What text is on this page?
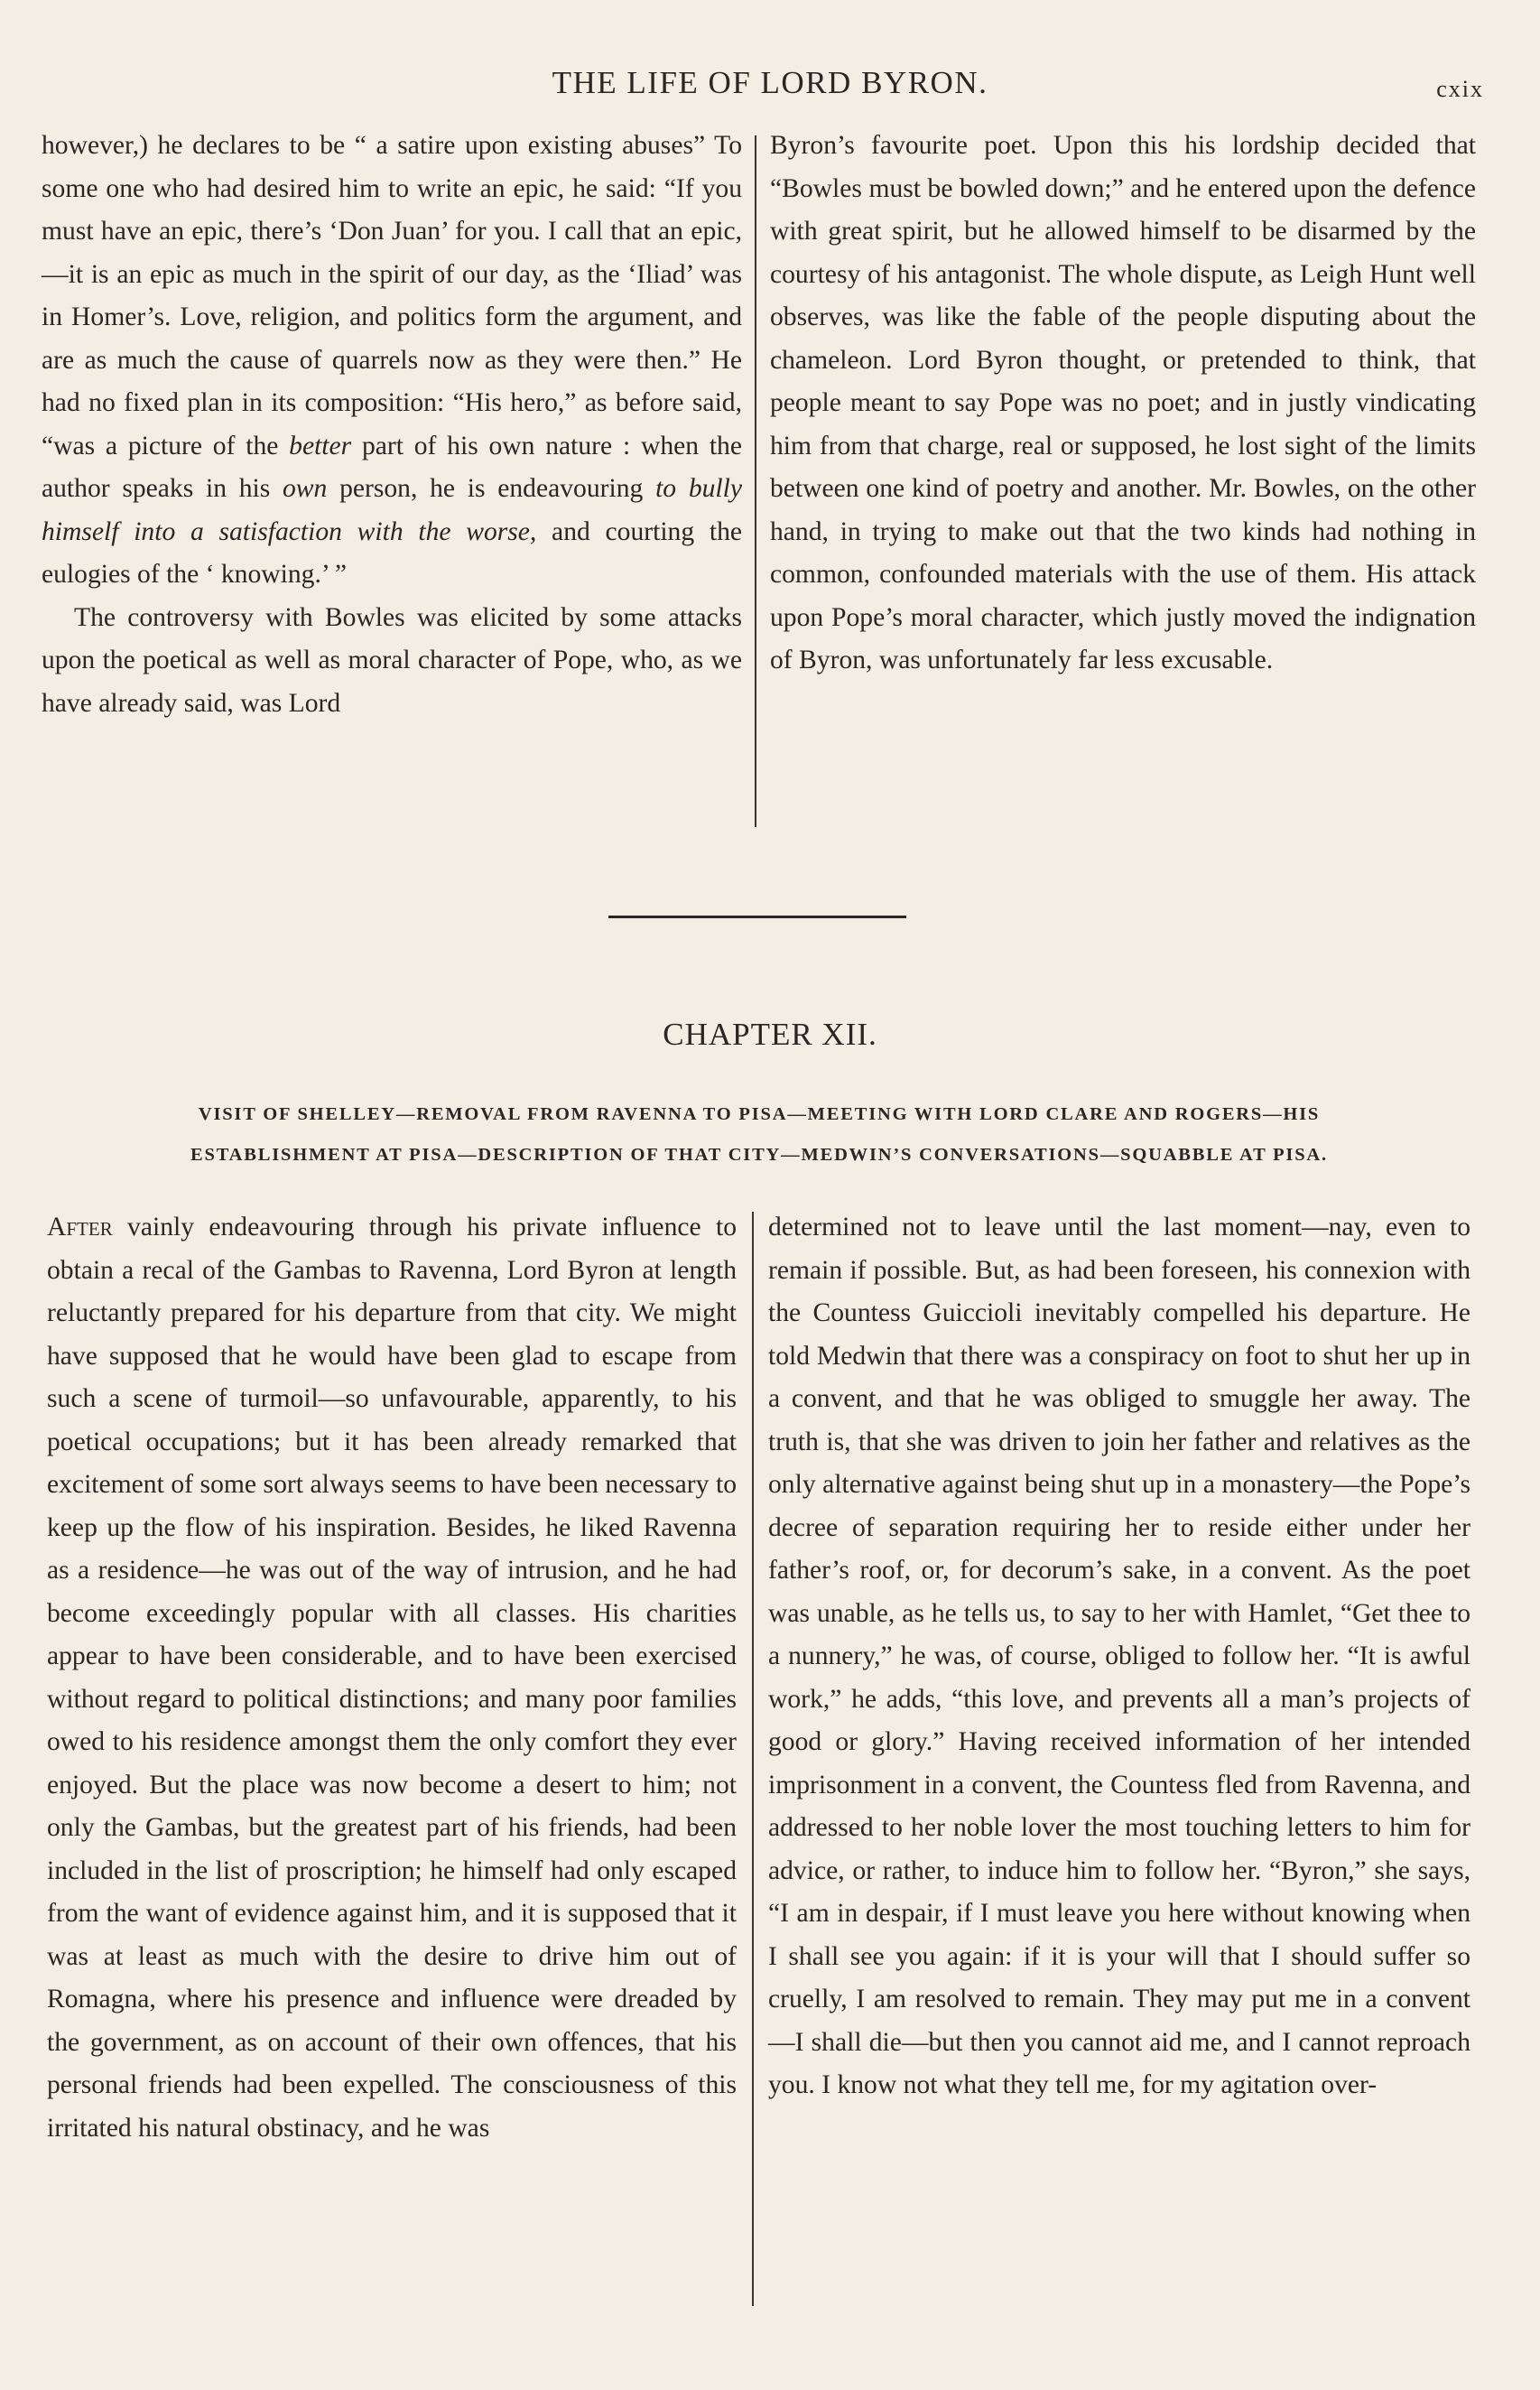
THE LIFE OF LORD BYRON.	cxix

however,) he declares to be “ a satire upon existing abuses” To some one who had desired him to write an epic, he said: “If you must have an epic, there’s ‘Don Juan’ for you. I call that an epic,—it is an epic as much in the spirit of our day, as the ‘Iliad’ was in Homer’s. Love, religion, and politics form the argument, and are as much the cause of quarrels now as they were then.” He had no fixed plan in its composition: “His hero,” as before said, “was a picture of the better part of his own nature : when the author speaks in his own person, he is endeavouring to bully himself into a satisfaction with the worse, and courting the eulogies of the ‘ knowing.’ ”

The controversy with Bowles was elicited by some attacks upon the poetical as well as moral character of Pope, who, as we have already said, was Lord

Byron’s favourite poet. Upon this his lordship decided that “Bowles must be bowled down;” and he entered upon the defence with great spirit, but he allowed himself to be disarmed by the courtesy of his antagonist. The whole dispute, as Leigh Hunt well observes, was like the fable of the people disputing about the chameleon. Lord Byron thought, or pretended to think, that people meant to say Pope was no poet; and in justly vindicating him from that charge, real or supposed, he lost sight of the limits between one kind of poetry and another. Mr. Bowles, on the other hand, in trying to make out that the two kinds had nothing in common, confounded materials with the use of them. His attack upon Pope’s moral character, which justly moved the indignation of Byron, was unfortunately far less excusable.

CHAPTER XII.
VISIT OF SHELLEY—REMOVAL FROM RAVENNA TO PISA—MEETING WITH LORD CLARE AND ROGERS—HIS
ESTABLISHMENT AT PISA—DESCRIPTION OF THAT CITY—MEDWIN’S CONVERSATIONS—SQUABBLE AT PISA.

After vainly endeavouring through his private influence to obtain a recal of the Gambas to Ravenna, Lord Byron at length reluctantly prepared for his departure from that city. We might have supposed that he would have been glad to escape from such a scene of turmoil—so unfavourable, apparently, to his poetical occupations; but it has been already remarked that excitement of some sort always seems to have been necessary to keep up the flow of his inspiration. Besides, he liked Ravenna as a residence—he was out of the way of intrusion, and he had become exceedingly popular with all classes. His charities appear to have been considerable, and to have been exercised without regard to political distinctions; and many poor families owed to his residence amongst them the only comfort they ever enjoyed. But the place was now become a desert to him; not only the Gambas, but the greatest part of his friends, had been included in the list of proscription; he himself had only escaped from the want of evidence against him, and it is supposed that it was at least as much with the desire to drive him out of Romagna, where his presence and influence were dreaded by the government, as on account of their own offences, that his personal friends had been expelled. The consciousness of this irritated his natural obstinacy, and he was

determined not to leave until the last moment—nay, even to remain if possible. But, as had been foreseen, his connexion with the Countess Guiccioli inevitably compelled his departure. He told Medwin that there was a conspiracy on foot to shut her up in a convent, and that he was obliged to smuggle her away. The truth is, that she was driven to join her father and relatives as the only alternative against being shut up in a monastery—the Pope’s decree of separation requiring her to reside either under her father’s roof, or, for decorum’s sake, in a convent. As the poet was unable, as he tells us, to say to her with Hamlet, “Get thee to a nunnery,” he was, of course, obliged to follow her. “It is awful work,” he adds, “this love, and prevents all a man’s projects of good or glory.” Having received information of her intended imprisonment in a convent, the Countess fled from Ravenna, and addressed to her noble lover the most touching letters to him for advice, or rather, to induce him to follow her. “Byron,” she says, “I am in despair, if I must leave you here without knowing when I shall see you again: if it is your will that I should suffer so cruelly, I am resolved to remain. They may put me in a convent—I shall die—but then you cannot aid me, and I cannot reproach you. I know not what they tell me, for my agitation over-
